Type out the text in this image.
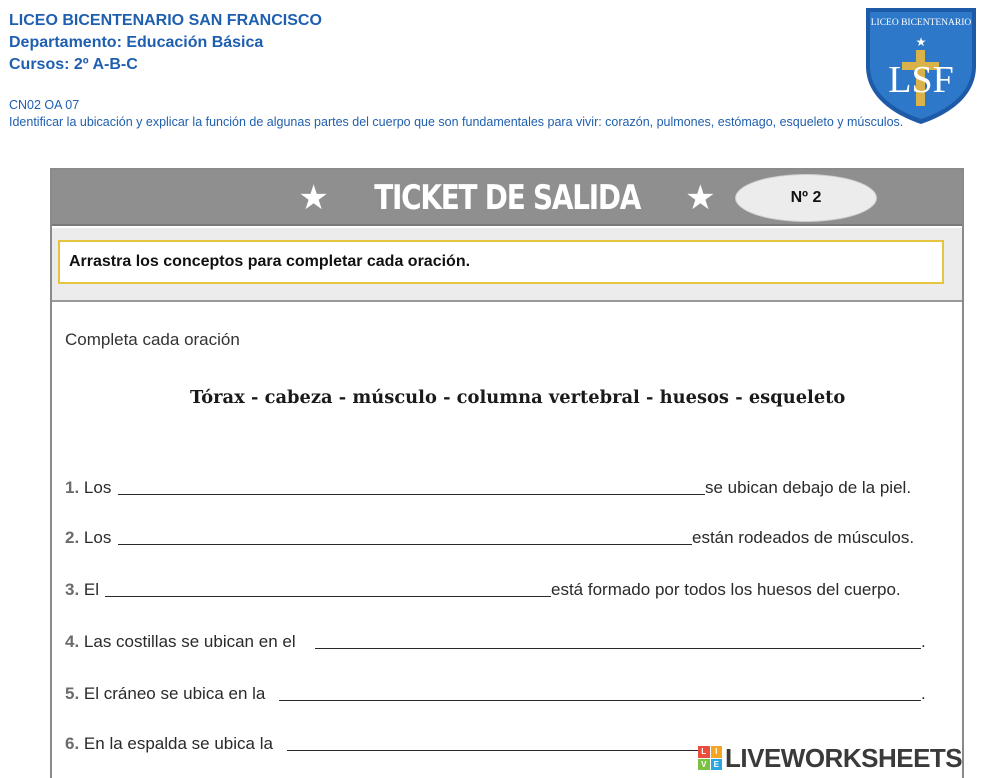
LICEO BICENTENARIO SAN FRANCISCO
Departamento: Educación Básica
Cursos: 2º A-B-C
CN02 OA 07
Identificar la ubicación y explicar la función de algunas partes del cuerpo que son fundamentales para vivir: corazón, pulmones, estómago, esqueleto y músculos.
LICEO BICENTENARIO
★
LSF
★ TICKET DE SALIDA ★	Nº 2
Arrastra los conceptos para completar cada oración.
Completa cada oración
Tórax - cabeza - músculo - columna vertebral - huesos - esqueleto
1. Los	se ubican debajo de la piel.
2. Los	están rodeados de músculos.
3. El	está formado por todos los huesos del cuerpo.
4. Las costillas se ubican en el	.
5. El cráneo se ubica en la	.
6. En la espalda se ubica la	L	I
V E LIVEWORKSHEETS
